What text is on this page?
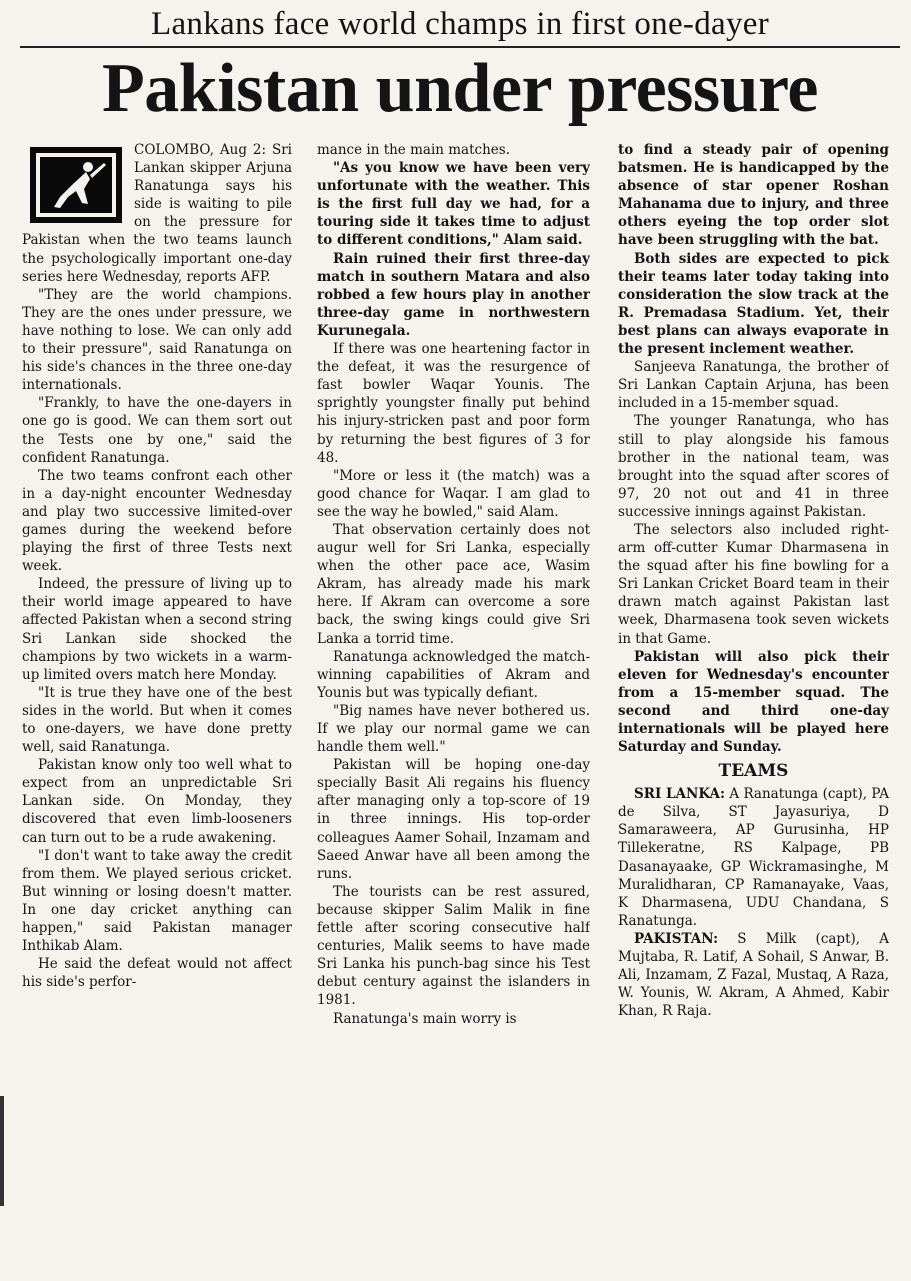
Lankans face world champs in first one-dayer
Pakistan under pressure

COLOMBO, Aug 2: Sri Lankan skipper Arjuna Ranatunga says his side is waiting to pile on the pressure for Pakistan when the two teams launch the psychologically important one-day series here Wednesday, reports AFP.

"They are the world champions. They are the ones under pressure, we have nothing to lose. We can only add to their pressure", said Ranatunga on his side's chances in the three one-day internationals.

"Frankly, to have the one-dayers in one go is good. We can them sort out the Tests one by one," said the confident Ranatunga.

The two teams confront each other in a day-night encounter Wednesday and play two successive limited-over games during the weekend before playing the first of three Tests next week.

Indeed, the pressure of living up to their world image appeared to have affected Pakistan when a second string Sri Lankan side shocked the champions by two wickets in a warm-up limited overs match here Monday.

"It is true they have one of the best sides in the world. But when it comes to one-dayers, we have done pretty well, said Ranatunga.

Pakistan know only too well what to expect from an unpredictable Sri Lankan side. On Monday, they discovered that even limb-looseners can turn out to be a rude awakening.

"I don't want to take away the credit from them. We played serious cricket. But winning or losing doesn't matter. In one day cricket anything can happen," said Pakistan manager Inthikab Alam.

He said the defeat would not affect his side's perfor-

mance in the main matches.

"As you know we have been very unfortunate with the weather. This is the first full day we had, for a touring side it takes time to adjust to different conditions," Alam said.

Rain ruined their first three-day match in southern Matara and also robbed a few hours play in another three-day game in northwestern Kurunegala.

If there was one heartening factor in the defeat, it was the resurgence of fast bowler Waqar Younis. The sprightly youngster finally put behind his injury-stricken past and poor form by returning the best figures of 3 for 48.

"More or less it (the match) was a good chance for Waqar. I am glad to see the way he bowled," said Alam.

That observation certainly does not augur well for Sri Lanka, especially when the other pace ace, Wasim Akram, has already made his mark here. If Akram can overcome a sore back, the swing kings could give Sri Lanka a torrid time.

Ranatunga acknowledged the match-winning capabilities of Akram and Younis but was typically defiant.

"Big names have never bothered us. If we play our normal game we can handle them well."

Pakistan will be hoping one-day specially Basit Ali regains his fluency after managing only a top-score of 19 in three innings. His top-order colleagues Aamer Sohail, Inzamam and Saeed Anwar have all been among the runs.

The tourists can be rest assured, because skipper Salim Malik in fine fettle after scoring consecutive half centuries, Malik seems to have made Sri Lanka his punch-bag since his Test debut century against the islanders in 1981.

Ranatunga's main worry is

to find a steady pair of opening batsmen. He is handicapped by the absence of star opener Roshan Mahanama due to injury, and three others eyeing the top order slot have been struggling with the bat.

Both sides are expected to pick their teams later today taking into consideration the slow track at the R. Premadasa Stadium. Yet, their best plans can always evaporate in the present inclement weather.

Sanjeeva Ranatunga, the brother of Sri Lankan Captain Arjuna, has been included in a 15-member squad.

The younger Ranatunga, who has still to play alongside his famous brother in the national team, was brought into the squad after scores of 97, 20 not out and 41 in three successive innings against Pakistan.

The selectors also included right-arm off-cutter Kumar Dharmasena in the squad after his fine bowling for a Sri Lankan Cricket Board team in their drawn match against Pakistan last week, Dharmasena took seven wickets in that Game.

Pakistan will also pick their eleven for Wednesday's encounter from a 15-member squad. The second and third one-day internationals will be played here Saturday and Sunday.

TEAMS

SRI LANKA: A Ranatunga (capt), PA de Silva, ST Jayasuriya, D Samaraweera, AP Gurusinha, HP Tillekeratne, RS Kalpage, PB Dasanayaake, GP Wickramasinghe, M Muralidharan, CP Ramanayake, Vaas, K Dharmasena, UDU Chandana, S Ranatunga.

PAKISTAN: S Milk (capt), A Mujtaba, R. Latif, A Sohail, S Anwar, B. Ali, Inzamam, Z Fazal, Mustaq, A Raza, W. Younis, W. Akram, A Ahmed, Kabir Khan, R Raja.
